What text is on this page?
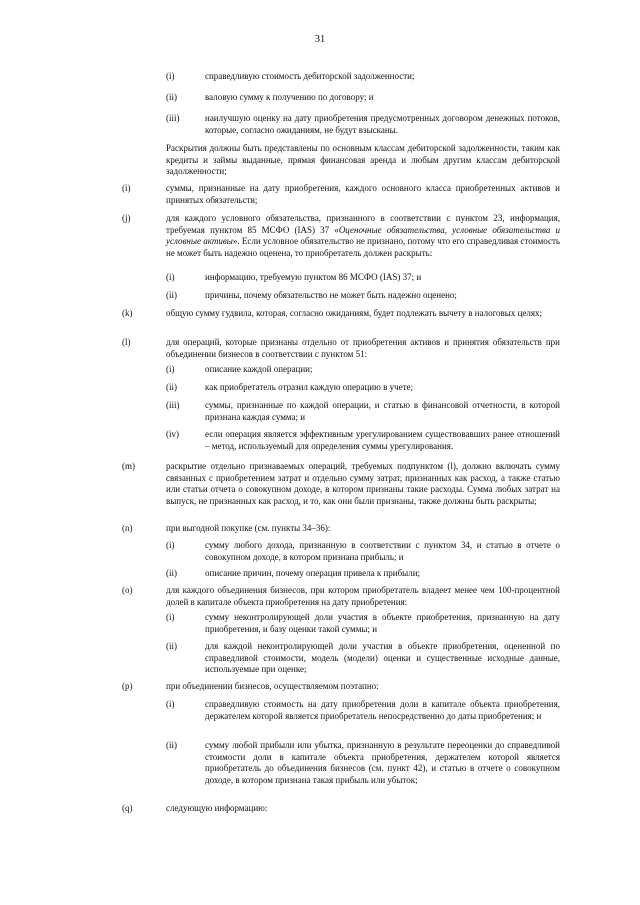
31
(i)	справедливую стоимость дебиторской задолженности;
(ii)	валовую сумму к получению по договору; и
(iii)	наилучшую оценку на дату приобретения предусмотренных договором денежных потоков, которые, согласно ожиданиям, не будут взысканы.
Раскрытия должны быть представлены по основным классам дебиторской задолженности, таким как кредиты и займы выданные, прямая финансовая аренда и любым другим классам дебиторской задолженности;
(i)	суммы, признанные на дату приобретения, каждого основного класса приобретенных активов и принятых обязательств;
(j)	для каждого условного обязательства, признанного в соответствии с пунктом 23, информация, требуемая пунктом 85 МСФО (IAS) 37 «Оценочные обязательства, условные обязательства и условные активы». Если условное обязательство не признано, потому что его справедливая стоимость не может быть надежно оценена, то приобретатель должен раскрыть:
(i)	информацию, требуемую пунктом 86 МСФО (IAS) 37; и
(ii)	причины, почему обязательство не может быть надежно оценено;
(k)	общую сумму гудвила, которая, согласно ожиданиям, будет подлежать вычету в налоговых целях;
(l)	для операций, которые признаны отдельно от приобретения активов и принятия обязательств при объединении бизнесов в соответствии с пунктом 51:
(i)	описание каждой операции;
(ii)	как приобретатель отразил каждую операцию в учете;
(iii)	суммы, признанные по каждой операции, и статью в финансовой отчетности, в которой признана каждая сумма; и
(iv)	если операция является эффективным урегулированием существовавших ранее отношений – метод, используемый для определения суммы урегулирования.
(m)	раскрытие отдельно признаваемых операций, требуемых подпунктом (l), должно включать сумму связанных с приобретением затрат и отдельно сумму затрат, признанных как расход, а также статью или статьи отчета о совокупном доходе, в котором признаны такие расходы. Сумма любых затрат на выпуск, не признанных как расход, и то, как они были признаны, также должны быть раскрыты;
(n)	при выгодной покупке (см. пункты 34–36):
(i)	сумму любого дохода, признанную в соответствии с пунктом 34, и статью в отчете о совокупном доходе, в котором признана прибыль; и
(ii)	описание причин, почему операция привела к прибыли;
(o)	для каждого объединения бизнесов, при котором приобретатель владеет менее чем 100-процентной долей в капитале объекта приобретения на дату приобретения:
(i)	сумму неконтролирующей доли участия в объекте приобретения, признанную на дату приобретения, и базу оценки такой суммы; и
(ii)	для каждой неконтролирующей доли участия в объекте приобретения, оцененной по справедливой стоимости, модель (модели) оценки и существенные исходные данные, используемые при оценке;
(p)	при объединении бизнесов, осуществляемом поэтапно:
(i)	справедливую стоимость на дату приобретения доли в капитале объекта приобретения, держателем которой является приобретатель непосредственно до даты приобретения; и
(ii)	сумму любой прибыли или убытка, признанную в результате переоценки до справедливой стоимости доли в капитале объекта приобретения, держателем которой является приобретатель до объединения бизнесов (см. пункт 42), и статью в отчете о совокупном доходе, в котором признана такая прибыль или убыток;
(q)	следующую информацию:
